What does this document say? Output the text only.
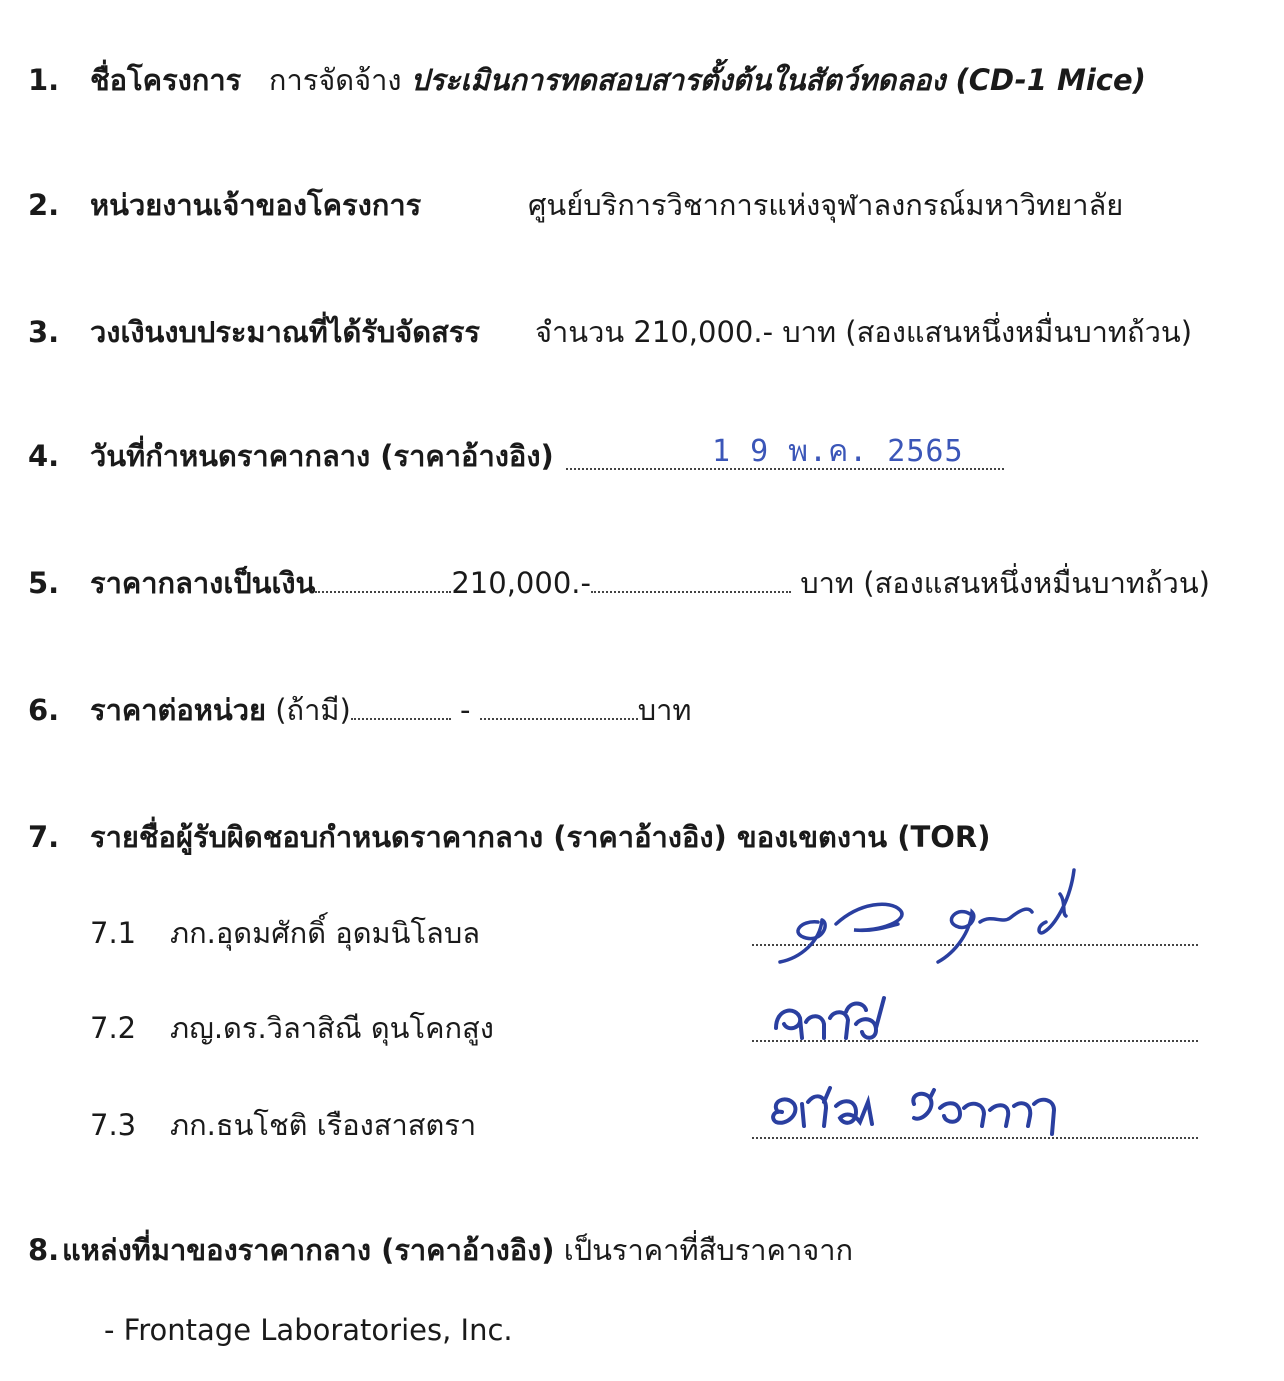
1. ชื่อโครงการ การจัดจ้าง ประเมินการทดสอบสารตั้งต้นในสัตว์ทดลอง (CD-1 Mice)
2. หน่วยงานเจ้าของโครงการ	ศูนย์บริการวิชาการแห่งจุฬาลงกรณ์มหาวิทยาลัย
3. วงเงินงบประมาณที่ได้รับจัดสรร จำนวน 210,000.- บาท (สองแสนหนึ่งหมื่นบาทถ้วน)
4. วันที่กำหนดราคากลาง (ราคาอ้างอิง)	1 9 พ.ค. 2565
5. ราคากลางเป็นเงิน	210,000.-	บาท (สองแสนหนึ่งหมื่นบาทถ้วน)
6. ราคาต่อหน่วย (ถ้ามี)	-	บาท
7. รายชื่อผู้รับผิดชอบกำหนดราคากลาง (ราคาอ้างอิง) ของเขตงาน (TOR)
7.1 ภก.อุดมศักดิ์ อุดมนิโลบล
7.2 ภญ.ดร.วิลาสิณี ดุนโคกสูง
7.3 ภก.ธนโชติ เรืองสาสตรา
8. แหล่งที่มาของราคากลาง (ราคาอ้างอิง) เป็นราคาที่สืบราคาจาก
- Frontage Laboratories, Inc.
